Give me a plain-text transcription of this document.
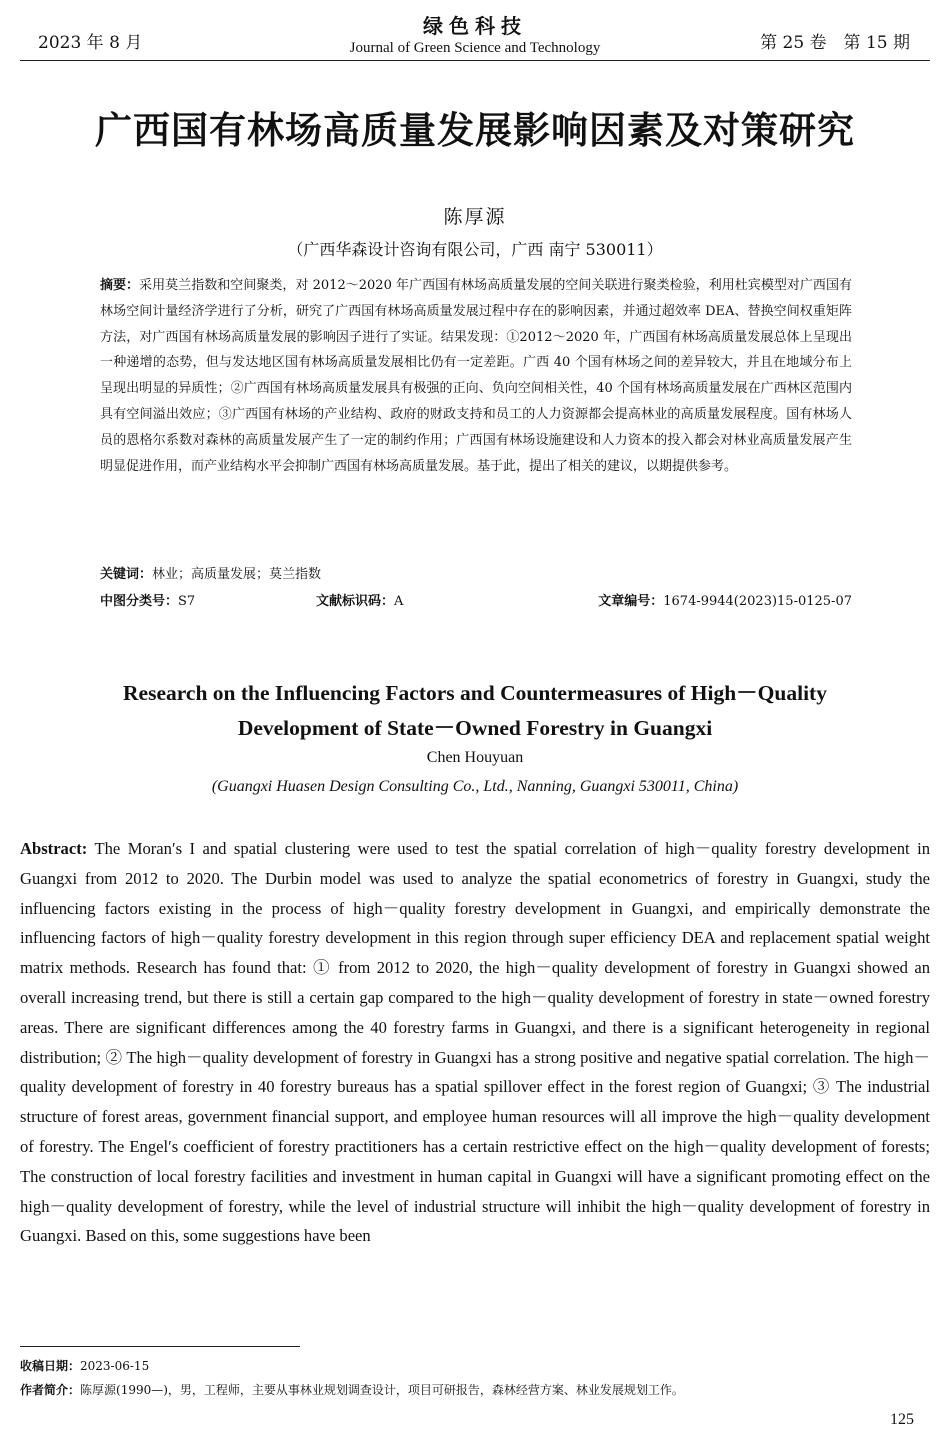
2023 年 8 月
绿色科技
Journal of Green Science and Technology	第 25 卷　第 15 期
广西国有林场高质量发展影响因素及对策研究
陈厚源
（广西华森设计咨询有限公司，广西 南宁 530011）
摘要：采用莫兰指数和空间聚类，对 2012～2020 年广西国有林场高质量发展的空间关联进行聚类检验，利用杜宾模型对广西国有林场空间计量经济学进行了分析，研究了广西国有林场高质量发展过程中存在的影响因素，并通过超效率 DEA、替换空间权重矩阵方法，对广西国有林场高质量发展的影响因子进行了实证。结果发现：①2012～2020 年，广西国有林场高质量发展总体上呈现出一种递增的态势，但与发达地区国有林场高质量发展相比仍有一定差距。广西 40 个国有林场之间的差异较大，并且在地域分布上呈现出明显的异质性；②广西国有林场高质量发展具有极强的正向、负向空间相关性，40 个国有林场高质量发展在广西林区范围内具有空间溢出效应；③广西国有林场的产业结构、政府的财政支持和员工的人力资源都会提高林业的高质量发展程度。国有林场人员的恩格尔系数对森林的高质量发展产生了一定的制约作用；广西国有林场设施建设和人力资本的投入都会对林业高质量发展产生明显促进作用，而产业结构水平会抑制广西国有林场高质量发展。基于此，提出了相关的建议，以期提供参考。
关键词：林业；高质量发展；莫兰指数
中图分类号：S7	文献标识码：A	文章编号：1674-9944(2023)15-0125-07
Research on the Influencing Factors and Countermeasures of High－Quality
Development of State－Owned Forestry in Guangxi
Chen Houyuan
(Guangxi Huasen Design Consulting Co., Ltd., Nanning, Guangxi 530011, China)
Abstract: The Moran′s I and spatial clustering were used to test the spatial correlation of high－quality forestry development in Guangxi from 2012 to 2020. The Durbin model was used to analyze the spatial econometrics of forestry in Guangxi, study the influencing factors existing in the process of high－quality forestry development in Guangxi, and empirically demonstrate the influencing factors of high－quality forestry development in this region through super efficiency DEA and replacement spatial weight matrix methods. Research has found that: ① from 2012 to 2020, the high－quality development of forestry in Guangxi showed an overall increasing trend, but there is still a certain gap compared to the high－quality development of forestry in state－owned forestry areas. There are significant differences among the 40 forestry farms in Guangxi, and there is a significant heterogeneity in regional distribution; ② The high－quality development of forestry in Guangxi has a strong positive and negative spatial correlation. The high－quality development of forestry in 40 forestry bureaus has a spatial spillover effect in the forest region of Guangxi; ③ The industrial structure of forest areas, government financial support, and employee human resources will all improve the high－quality development of forestry. The Engel′s coefficient of forestry practitioners has a certain restrictive effect on the high－quality development of forests; The construction of local forestry facilities and investment in human capital in Guangxi will have a significant promoting effect on the high－quality development of forestry, while the level of industrial structure will inhibit the high－quality development of forestry in Guangxi. Based on this, some suggestions have been
收稿日期：2023-06-15
作者简介：陈厚源(1990—)，男，工程师，主要从事林业规划调查设计，项目可研报告，森林经营方案、林业发展规划工作。
125
